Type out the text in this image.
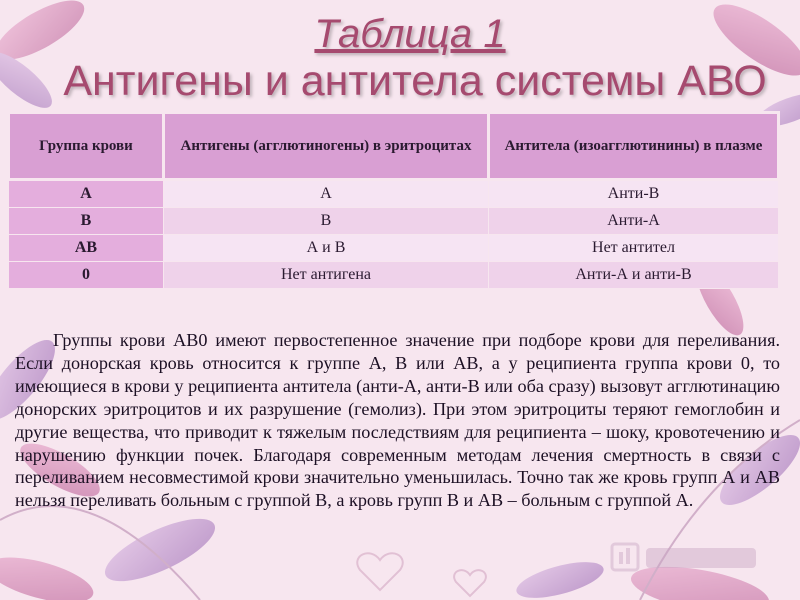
Таблица 1
Антигены и антитела системы АВО
Группа крови	Антигены (агглютиногены) в эритроцитах	Антитела (изоагглютинины) в плазме
А	А	Анти-В
В	В	Анти-А
АВ	А и В	Нет антител
0	Нет антигена	Анти-А и анти-В
Группы крови АВ0 имеют первостепенное значение при подборе крови для переливания. Если донорская кровь относится к группе А, В или АВ, а у реципиента группа крови 0, то имеющиеся в крови у реципиента антитела (анти-А, анти-В или оба сразу) вызовут агглютинацию донорских эритроцитов и их разрушение (гемолиз). При этом эритроциты теряют гемоглобин и другие вещества, что приводит к тяжелым последствиям для реципиента – шоку, кровотечению и нарушению функции почек. Благодаря современным методам лечения смертность в связи с переливанием несовместимой крови значительно уменьшилась. Точно так же кровь групп А и АВ нельзя переливать больным с группой В, а кровь групп В и АВ – больным с группой А.
